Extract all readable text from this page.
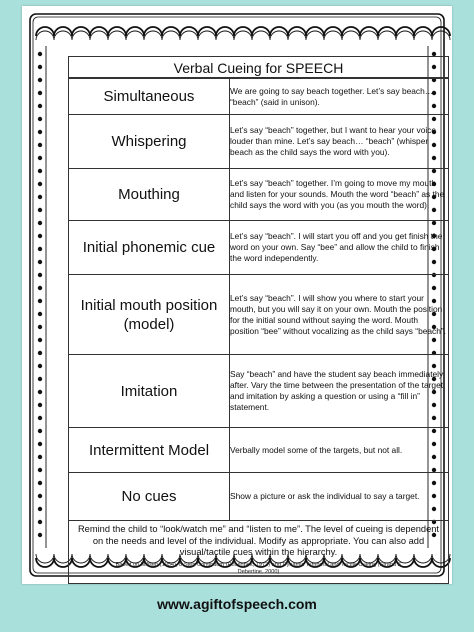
Verbal Cueing for SPEECH
Simultaneous	We are going to say beach together. Let’s say beach… “beach” (said in unison).
Whispering	Let’s say “beach” together, but I want to hear your voice louder than mine. Let’s say beach… “beach” (whisper beach as the child says the word with you).
Mouthing	Let’s say “beach” together. I’m going to move my mouth and listen for your sounds. Mouth the word “beach” as the child says the word with you (as you mouth the word).
Initial phonemic cue	Let’s say “beach”. I will start you off and you get finish the word on your own. Say “bee” and allow the child to finish the word independently.
Initial mouth position (model)	Let’s say “beach”. I will show you where to start your mouth, but you will say it on your own. Mouth the position for the initial sound without saying the word. Mouth position “bee” without vocalizing as the child says “beach”.
Imitation	Say “beach” and have the student say beach immediately after. Vary the time between the presentation of the target and imitation by asking a question or using a “fill in” statement.
Intermittent Model	Verbally model some of the targets, but not all.
No cues	Show a picture or ask the individual to say a target.

Remind the child to “look/watch me” and “listen to me”. The level of cueing is dependent on the needs and level of the individual. Modify as appropriate. You can also add visual/tactile cues within the hierarchy.

Based on Milisen (1954), 8-Step Continuum (Rosenbek, 1973) and Dynamic Temporal and Tactile Cueing (Strand & Debertine, 2000)

www.agiftofspeech.com
